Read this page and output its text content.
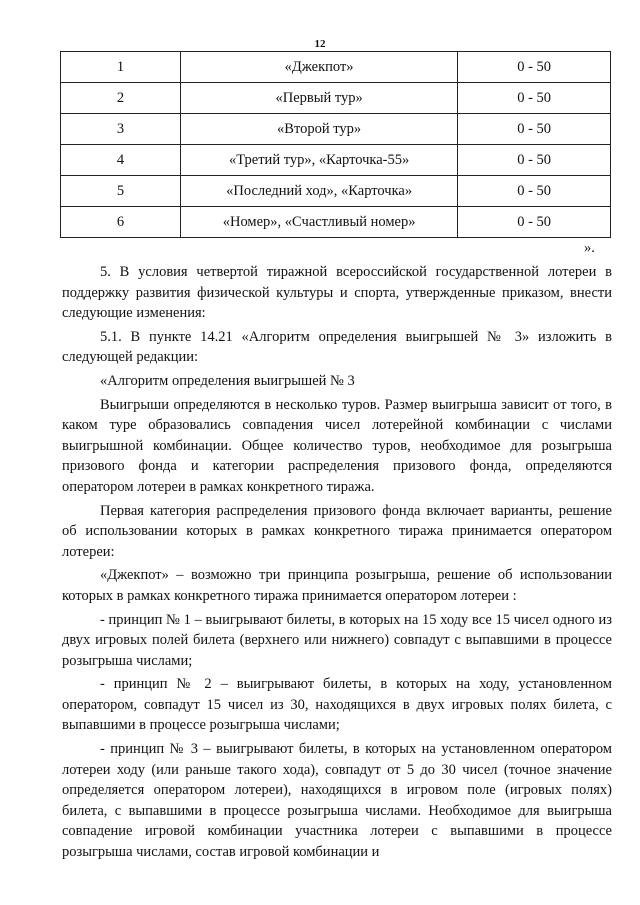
12
1	«Джекпот»	0 - 50
2	«Первый тур»	0 - 50
3	«Второй тур»	0 - 50
4	«Третий тур», «Карточка-55»	0 - 50
5	«Последний ход», «Карточка»	0 - 50
6	«Номер», «Счастливый номер»	0 - 50
».

5. В условия четвертой тиражной всероссийской государственной лотереи в поддержку развития физической культуры и спорта, утвержденные приказом, внести следующие изменения:

5.1. В пункте 14.21 «Алгоритм определения выигрышей № 3» изложить в следующей редакции:

«Алгоритм определения выигрышей № 3

Выигрыши определяются в несколько туров. Размер выигрыша зависит от того, в каком туре образовались совпадения чисел лотерейной комбинации с числами выигрышной комбинации. Общее количество туров, необходимое для розыгрыша призового фонда и категории распределения призового фонда, определяются оператором лотереи в рамках конкретного тиража.

Первая категория распределения призового фонда включает варианты, решение об использовании которых в рамках конкретного тиража принимается оператором лотереи:

«Джекпот» – возможно три принципа розыгрыша, решение об использовании которых в рамках конкретного тиража принимается оператором лотереи :

- принцип № 1 – выигрывают билеты, в которых на 15 ходу все 15 чисел одного из двух игровых полей билета (верхнего или нижнего) совпадут с выпавшими в процессе розыгрыша числами;

- принцип № 2 – выигрывают билеты, в которых на ходу, установленном оператором, совпадут 15 чисел из 30, находящихся в двух игровых полях билета, с выпавшими в процессе розыгрыша числами;

- принцип № 3 – выигрывают билеты, в которых на установленном оператором лотереи ходу (или раньше такого хода), совпадут от 5 до 30 чисел (точное значение определяется оператором лотереи), находящихся в игровом поле (игровых полях) билета, с выпавшими в процессе розыгрыша числами. Необходимое для выигрыша совпадение игровой комбинации участника лотереи с выпавшими в процессе розыгрыша числами, состав игровой комбинации и
